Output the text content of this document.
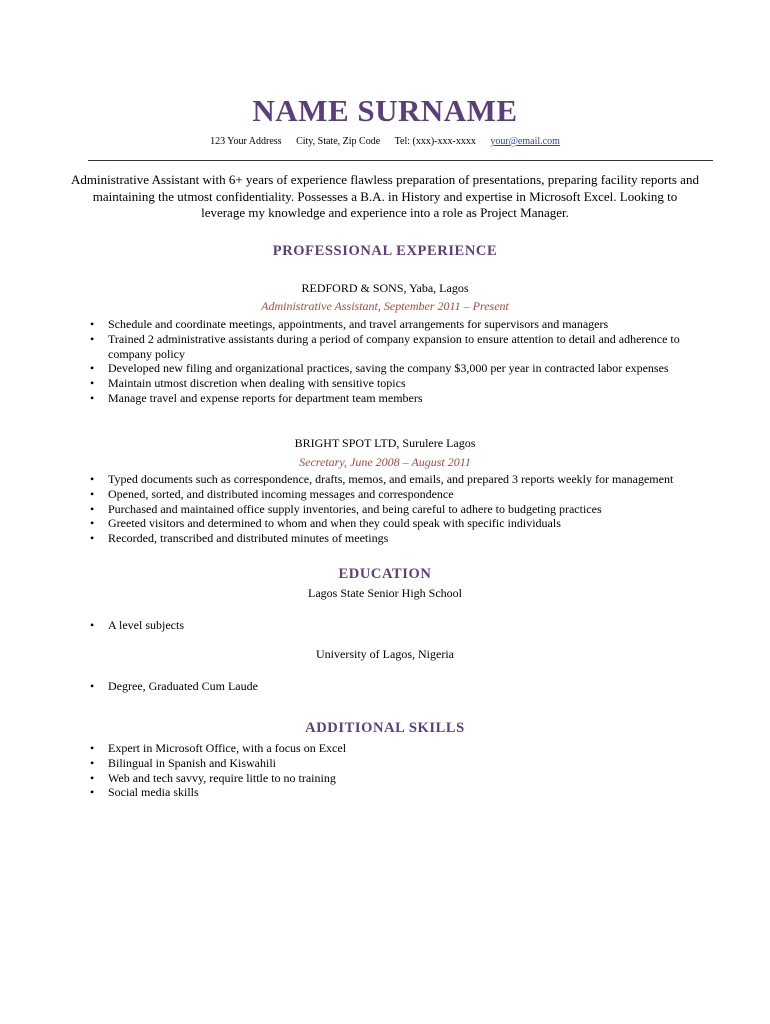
NAME SURNAME
123 Your Address City, State, Zip Code Tel: (xxx)-xxx-xxxx your@email.com
Administrative Assistant with 6+ years of experience flawless preparation of presentations, preparing facility reports and maintaining the utmost confidentiality. Possesses a B.A. in History and expertise in Microsoft Excel. Looking to leverage my knowledge and experience into a role as Project Manager.
PROFESSIONAL EXPERIENCE
REDFORD & SONS, Yaba, Lagos
Administrative Assistant, September 2011 – Present
• Schedule and coordinate meetings, appointments, and travel arrangements for supervisors and managers
• Trained 2 administrative assistants during a period of company expansion to ensure attention to detail and adherence to company policy
• Developed new filing and organizational practices, saving the company $3,000 per year in contracted labor expenses
• Maintain utmost discretion when dealing with sensitive topics
• Manage travel and expense reports for department team members
BRIGHT SPOT LTD, Surulere Lagos
Secretary, June 2008 – August 2011
• Typed documents such as correspondence, drafts, memos, and emails, and prepared 3 reports weekly for management
• Opened, sorted, and distributed incoming messages and correspondence
• Purchased and maintained office supply inventories, and being careful to adhere to budgeting practices
• Greeted visitors and determined to whom and when they could speak with specific individuals
• Recorded, transcribed and distributed minutes of meetings
EDUCATION
Lagos State Senior High School
• A level subjects
University of Lagos, Nigeria
• Degree, Graduated Cum Laude
ADDITIONAL SKILLS
• Expert in Microsoft Office, with a focus on Excel
• Bilingual in Spanish and Kiswahili
• Web and tech savvy, require little to no training
• Social media skills
